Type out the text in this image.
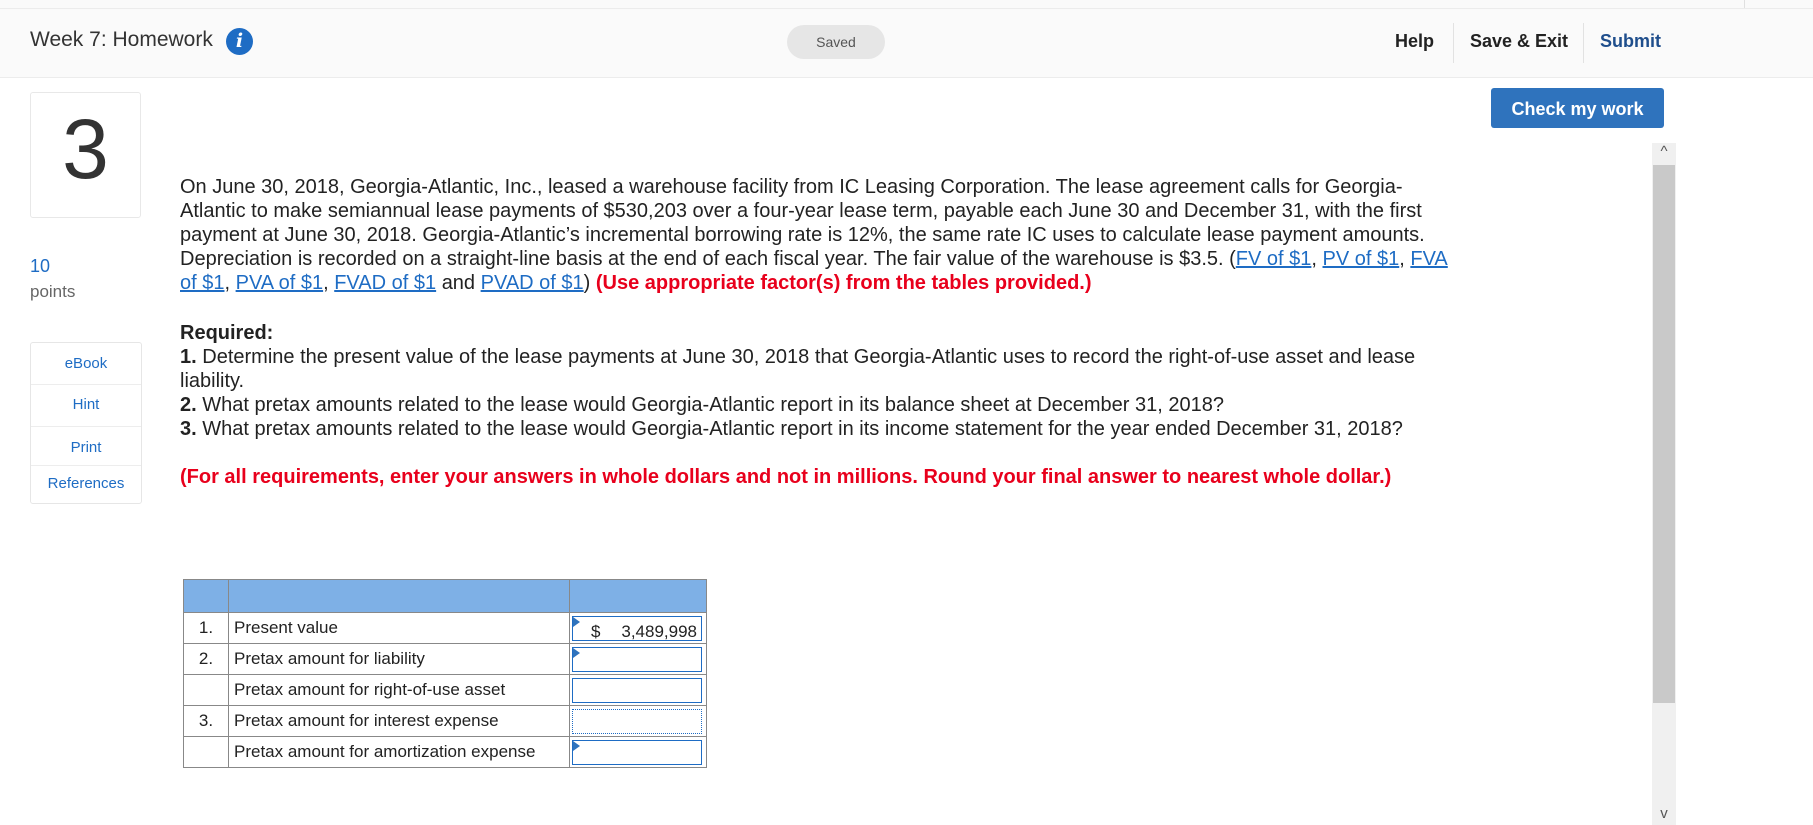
Week 7: Homework	i	Saved	Help Save & Exit Submit
Check my work
3
10
points
eBook
Hint
Print
References

On June 30, 2018, Georgia-Atlantic, Inc., leased a warehouse facility from IC Leasing Corporation. The lease agreement calls for Georgia-Atlantic to make semiannual lease payments of $530,203 over a four-year lease term, payable each June 30 and December 31, with the first payment at June 30, 2018. Georgia-Atlantic’s incremental borrowing rate is 12%, the same rate IC uses to calculate lease payment amounts. Depreciation is recorded on a straight-line basis at the end of each fiscal year. The fair value of the warehouse is $3.5. (FV of $1, PV of $1, FVA of $1, PVA of $1, FVAD of $1 and PVAD of $1) (Use appropriate factor(s) from the tables provided.)

Required:

1. Determine the present value of the lease payments at June 30, 2018 that Georgia-Atlantic uses to record the right-of-use asset and lease liability.

2. What pretax amounts related to the lease would Georgia-Atlantic report in its balance sheet at December 31, 2018?

3. What pretax amounts related to the lease would Georgia-Atlantic report in its income statement for the year ended December 31, 2018?

(For all requirements, enter your answers in whole dollars and not in millions. Round your final answer to nearest whole dollar.)

1.	Present value	$ 3,489,998

2.	Pretax amount for liability	

	Pretax amount for right-of-use asset	

3.	Pretax amount for interest expense	

	Pretax amount for amortization expense	
^
v
